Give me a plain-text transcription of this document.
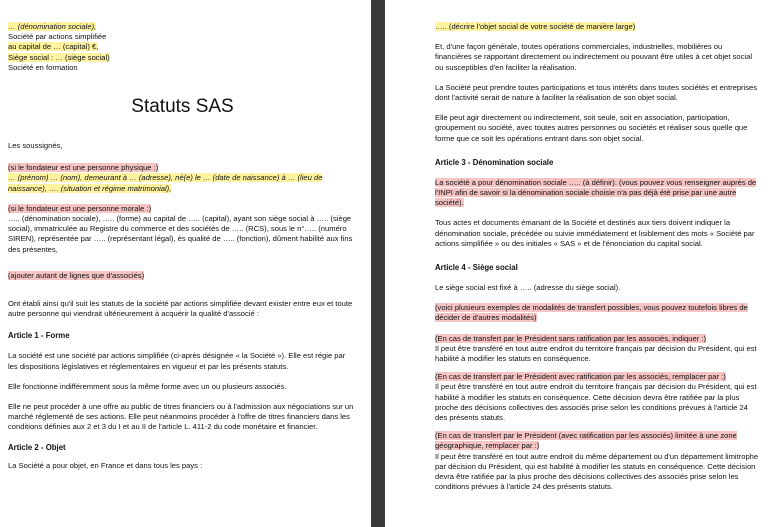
… (dénomination sociale),
Société par actions simplifiée
au capital de … (capital) €,
Siège social : … (siège social)
Société en formation

Statuts SAS

Les soussignés,

(si le fondateur est une personne physique :)
… (prénom) … (nom), demeurant à … (adresse), né(e) le … (date de naissance) à … (lieu de naissance), …. (situation et régime matrimonial),

(si le fondateur est une personne morale :)
….. (dénomination sociale), ….. (forme) au capital de ….. (capital), ayant son siège social à ….. (siège social), immatriculée au Registre du commerce et des sociétés de ….. (RCS), sous le n°….. (numéro SIREN), représentée par ….. (représentant légal), ès qualité de ….. (fonction), dûment habilité aux fins des présentes,

(ajouter autant de lignes que d'associés)

Ont établi ainsi qu'il suit les statuts de la société par actions simplifiée devant exister entre eux et toute autre personne qui viendrait ultérieurement à acquérir la qualité d'associé :

Article 1 - Forme

La société est une société par actions simplifiée (ci-après désignée « la Société »). Elle est régie par les dispositions législatives et réglementaires en vigueur et par les présents statuts.

Elle fonctionne indifféremment sous la même forme avec un ou plusieurs associés.

Elle ne peut procéder à une offre au public de titres financiers ou à l'admission aux négociations sur un marché réglementé de ses actions. Elle peut néanmoins procéder à l'offre de titres financiers dans les conditions définies aux 2 et 3 du I et au II de l'article L. 411-2 du code monétaire et financier.

Article 2 - Objet

La Société a pour objet, en France et dans tous les pays :

….. (décrire l'objet social de votre société de manière large)

Et, d'une façon générale, toutes opérations commerciales, industrielles, mobilières ou financières se rapportant directement ou indirectement ou pouvant être utiles à cet objet social ou susceptibles d'en faciliter la réalisation.

La Société peut prendre toutes participations et tous intérêts dans toutes sociétés et entreprises dont l'activité serait de nature à faciliter la réalisation de son objet social.

Elle peut agir directement ou indirectement, soit seule, soit en association, participation, groupement ou société, avec toutes autres personnes ou sociétés et réaliser sous quelle que forme que ce soit les opérations entrant dans son objet social.

Article 3 - Dénomination sociale

La société a pour dénomination sociale ….. (à définir). (vous pouvez vous renseigner auprès de l'INPI afin de savoir si la dénomination sociale choisie n'a pas déjà été prise par une autre société).

Tous actes et documents émanant de la Société et destinés aux tiers doivent indiquer la dénomination sociale, précédée ou suivie immédiatement et lisiblement des mots « Société par actions simplifiée » ou des initiales « SAS » et de l'énonciation du capital social.

Article 4 - Siège social

Le siège social est fixé à ….. (adresse du siège social).

(voici plusieurs exemples de modalités de transfert possibles, vous pouvez toutefois libres de décider de d'autres modalités)

(En cas de transfert par le Président sans ratification par les associés, indiquer :)
Il peut être transféré en tout autre endroit du territoire français par décision du Président, qui est habilité à modifier les statuts en conséquence.

(En cas de transfert par le Président avec ratification par les associés, remplacer par :)
Il peut être transféré en tout autre endroit du territoire français par décision du Président, qui est habilité à modifier les statuts en conséquence. Cette décision devra être ratifiée par la plus proche des décisions collectives des associés prise selon les conditions prévues à l'article 24 des présents statuts.

(En cas de transfert par le Président (avec ratification par les associés) limitée à une zone géographique, remplacer par :)
Il peut être transféré en tout autre endroit du même département ou d'un département limitrophe par décision du Président, qui est habilité à modifier les statuts en conséquence. Cette décision devra être ratifiée par la plus proche des décisions collectives des associés prise selon les conditions prévues à l'article 24 des présents statuts.
